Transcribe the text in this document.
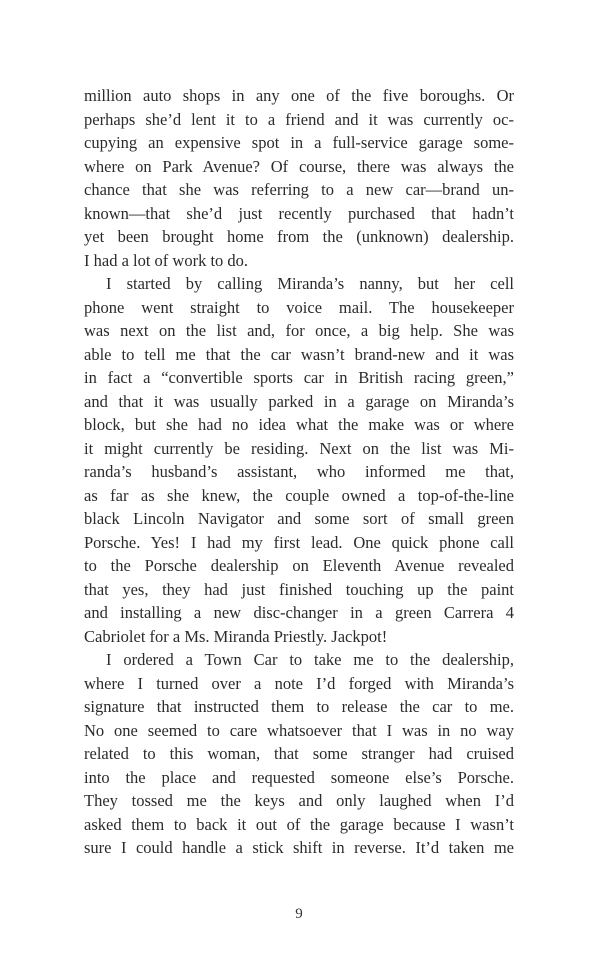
million auto shops in any one of the five boroughs. Or
perhaps she’d lent it to a friend and it was currently oc-
cupying an expensive spot in a full-service garage some-
where on Park Avenue? Of course, there was always the
chance that she was referring to a new car—brand un-
known—that she’d just recently purchased that hadn’t
yet been brought home from the (unknown) dealership.
I had a lot of work to do.
I started by calling Miranda’s nanny, but her cell
phone went straight to voice mail. The housekeeper
was next on the list and, for once, a big help. She was
able to tell me that the car wasn’t brand-new and it was
in fact a “convertible sports car in British racing green,”
and that it was usually parked in a garage on Miranda’s
block, but she had no idea what the make was or where
it might currently be residing. Next on the list was Mi-
randa’s husband’s assistant, who informed me that,
as far as she knew, the couple owned a top-of-the-line
black Lincoln Navigator and some sort of small green
Porsche. Yes! I had my first lead. One quick phone call
to the Porsche dealership on Eleventh Avenue revealed
that yes, they had just finished touching up the paint
and installing a new disc-changer in a green Carrera 4
Cabriolet for a Ms. Miranda Priestly. Jackpot!
I ordered a Town Car to take me to the dealership,
where I turned over a note I’d forged with Miranda’s
signature that instructed them to release the car to me.
No one seemed to care whatsoever that I was in no way
related to this woman, that some stranger had cruised
into the place and requested someone else’s Porsche.
They tossed me the keys and only laughed when I’d
asked them to back it out of the garage because I wasn’t
sure I could handle a stick shift in reverse. It’d taken me
9
